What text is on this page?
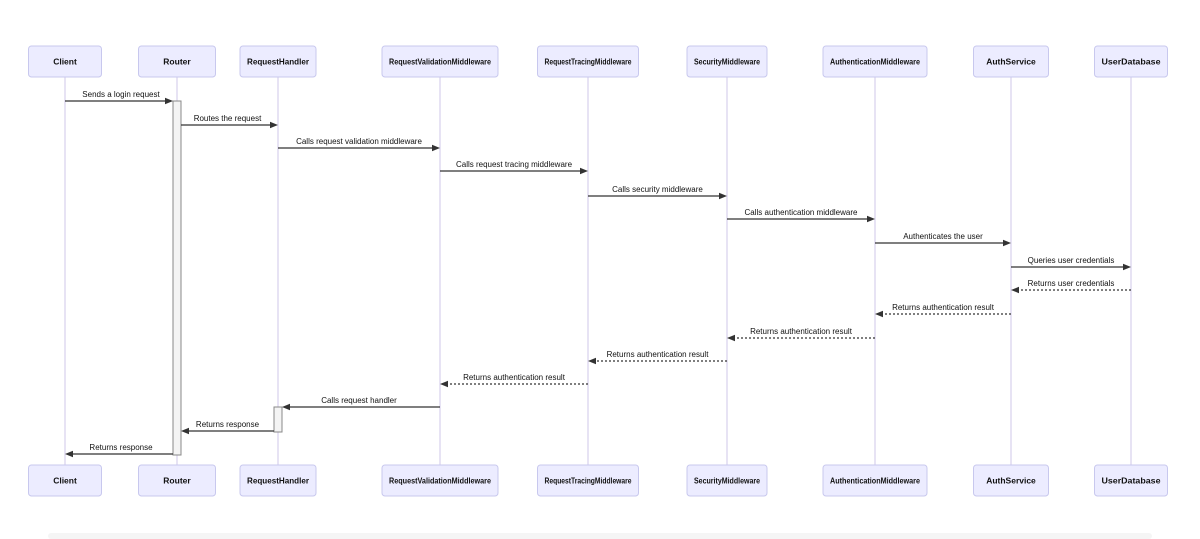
Sends a login request
Routes the request
Calls request validation middleware
Calls request tracing middleware
Calls security middleware
Calls authentication middleware
Authenticates the user
Queries user credentials
Returns user credentials
Returns authentication result
Returns authentication result
Returns authentication result
Returns authentication result
Calls request handler
Returns response
Returns response
Client	Router	RequestHandler	RequestValidationMiddleware	RequestTracingMiddleware	SecurityMiddleware	AuthenticationMiddleware	AuthService	UserDatabase
Client	Router	RequestHandler	RequestValidationMiddleware	RequestTracingMiddleware	SecurityMiddleware	AuthenticationMiddleware	AuthService	UserDatabase
